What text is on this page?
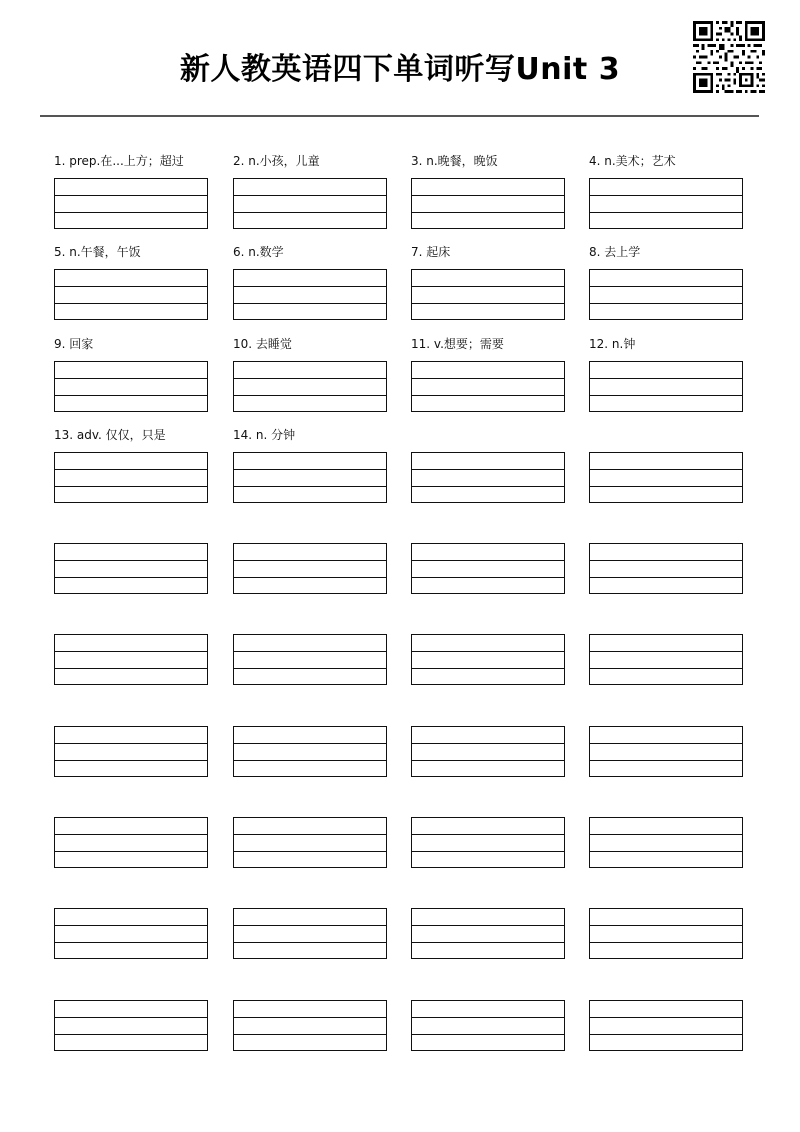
新人教英语四下单词听写Unit 3
1. prep.在...上方；超过	2. n.小孩，儿童	3. n.晚餐，晚饭	4. n.美术；艺术
5. n.午餐，午饭	6. n.数学	7. 起床	8. 去上学
9. 回家	10. 去睡觉	11. v.想要；需要	12. n.钟
13. adv. 仅仅，只是	14. n. 分钟
